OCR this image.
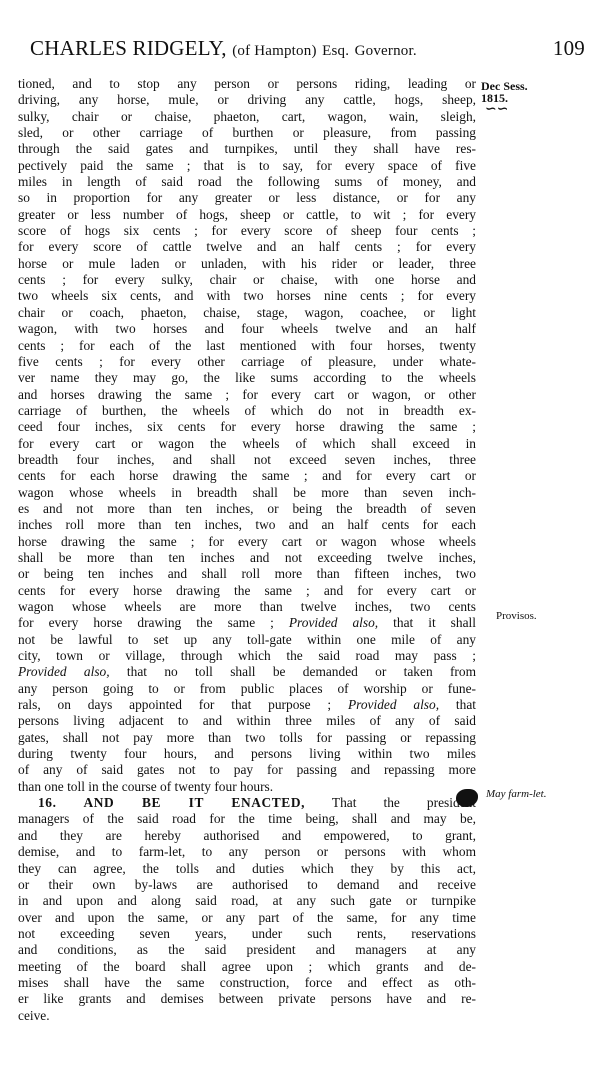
CHARLES RIDGELY, (of Hampton) Esq. Governor.	109
Dec Sess.
1815.
∽∽
Provisos.
May farm-let.
tioned, and to stop any person or persons riding, leading or
driving, any horse, mule, or driving any cattle, hogs, sheep,
sulky, chair or chaise, phaeton, cart, wagon, wain, sleigh,
sled, or other carriage of burthen or pleasure, from passing
through the said gates and turnpikes, until they shall have res-
pectively paid the same ; that is to say, for every space of five
miles in length of said road the following sums of money, and
so in proportion for any greater or less distance, or for any
greater or less number of hogs, sheep or cattle, to wit ; for every
score of hogs six cents ; for every score of sheep four cents ;
for every score of cattle twelve and an half cents ; for every
horse or mule laden or unladen, with his rider or leader, three
cents ; for every sulky, chair or chaise, with one horse and
two wheels six cents, and with two horses nine cents ; for every
chair or coach, phaeton, chaise, stage, wagon, coachee, or light
wagon, with two horses and four wheels twelve and an half
cents ; for each of the last mentioned with four horses, twenty
five cents ; for every other carriage of pleasure, under whate-
ver name they may go, the like sums according to the wheels
and horses drawing the same ; for every cart or wagon, or other
carriage of burthen, the wheels of which do not in breadth ex-
ceed four inches, six cents for every horse drawing the same ;
for every cart or wagon the wheels of which shall exceed in
breadth four inches, and shall not exceed seven inches, three
cents for each horse drawing the same ; and for every cart or
wagon whose wheels in breadth shall be more than seven inch-
es and not more than ten inches, or being the breadth of seven
inches roll more than ten inches, two and an half cents for each
horse drawing the same ; for every cart or wagon whose wheels
shall be more than ten inches and not exceeding twelve inches,
or being ten inches and shall roll more than fifteen inches, two
cents for every horse drawing the same ; and for every cart or
wagon whose wheels are more than twelve inches, two cents
for every horse drawing the same ; Provided also, that it shall
not be lawful to set up any toll-gate within one mile of any
city, town or village, through which the said road may pass ;
Provided also, that no toll shall be demanded or taken from
any person going to or from public places of worship or fune-
rals, on days appointed for that purpose ; Provided also, that
persons living adjacent to and within three miles of any of said
gates, shall not pay more than two tolls for passing or repassing
during twenty four hours, and persons living within two miles
of any of said gates not to pay for passing and repassing more
than one toll in the course of twenty four hours.
16. AND BE IT ENACTED, That the president
managers of the said road for the time being, shall and may be,
and they are hereby authorised and empowered, to grant,
demise, and to farm-let, to any person or persons with whom
they can agree, the tolls and duties which they by this act,
or their own by-laws are authorised to demand and receive
in and upon and along said road, at any such gate or turnpike
over and upon the same, or any part of the same, for any time
not exceeding seven years, under such rents, reservations
and conditions, as the said president and managers at any
meeting of the board shall agree upon ; which grants and de-
mises shall have the same construction, force and effect as oth-
er like grants and demises between private persons have and re-
ceive.
